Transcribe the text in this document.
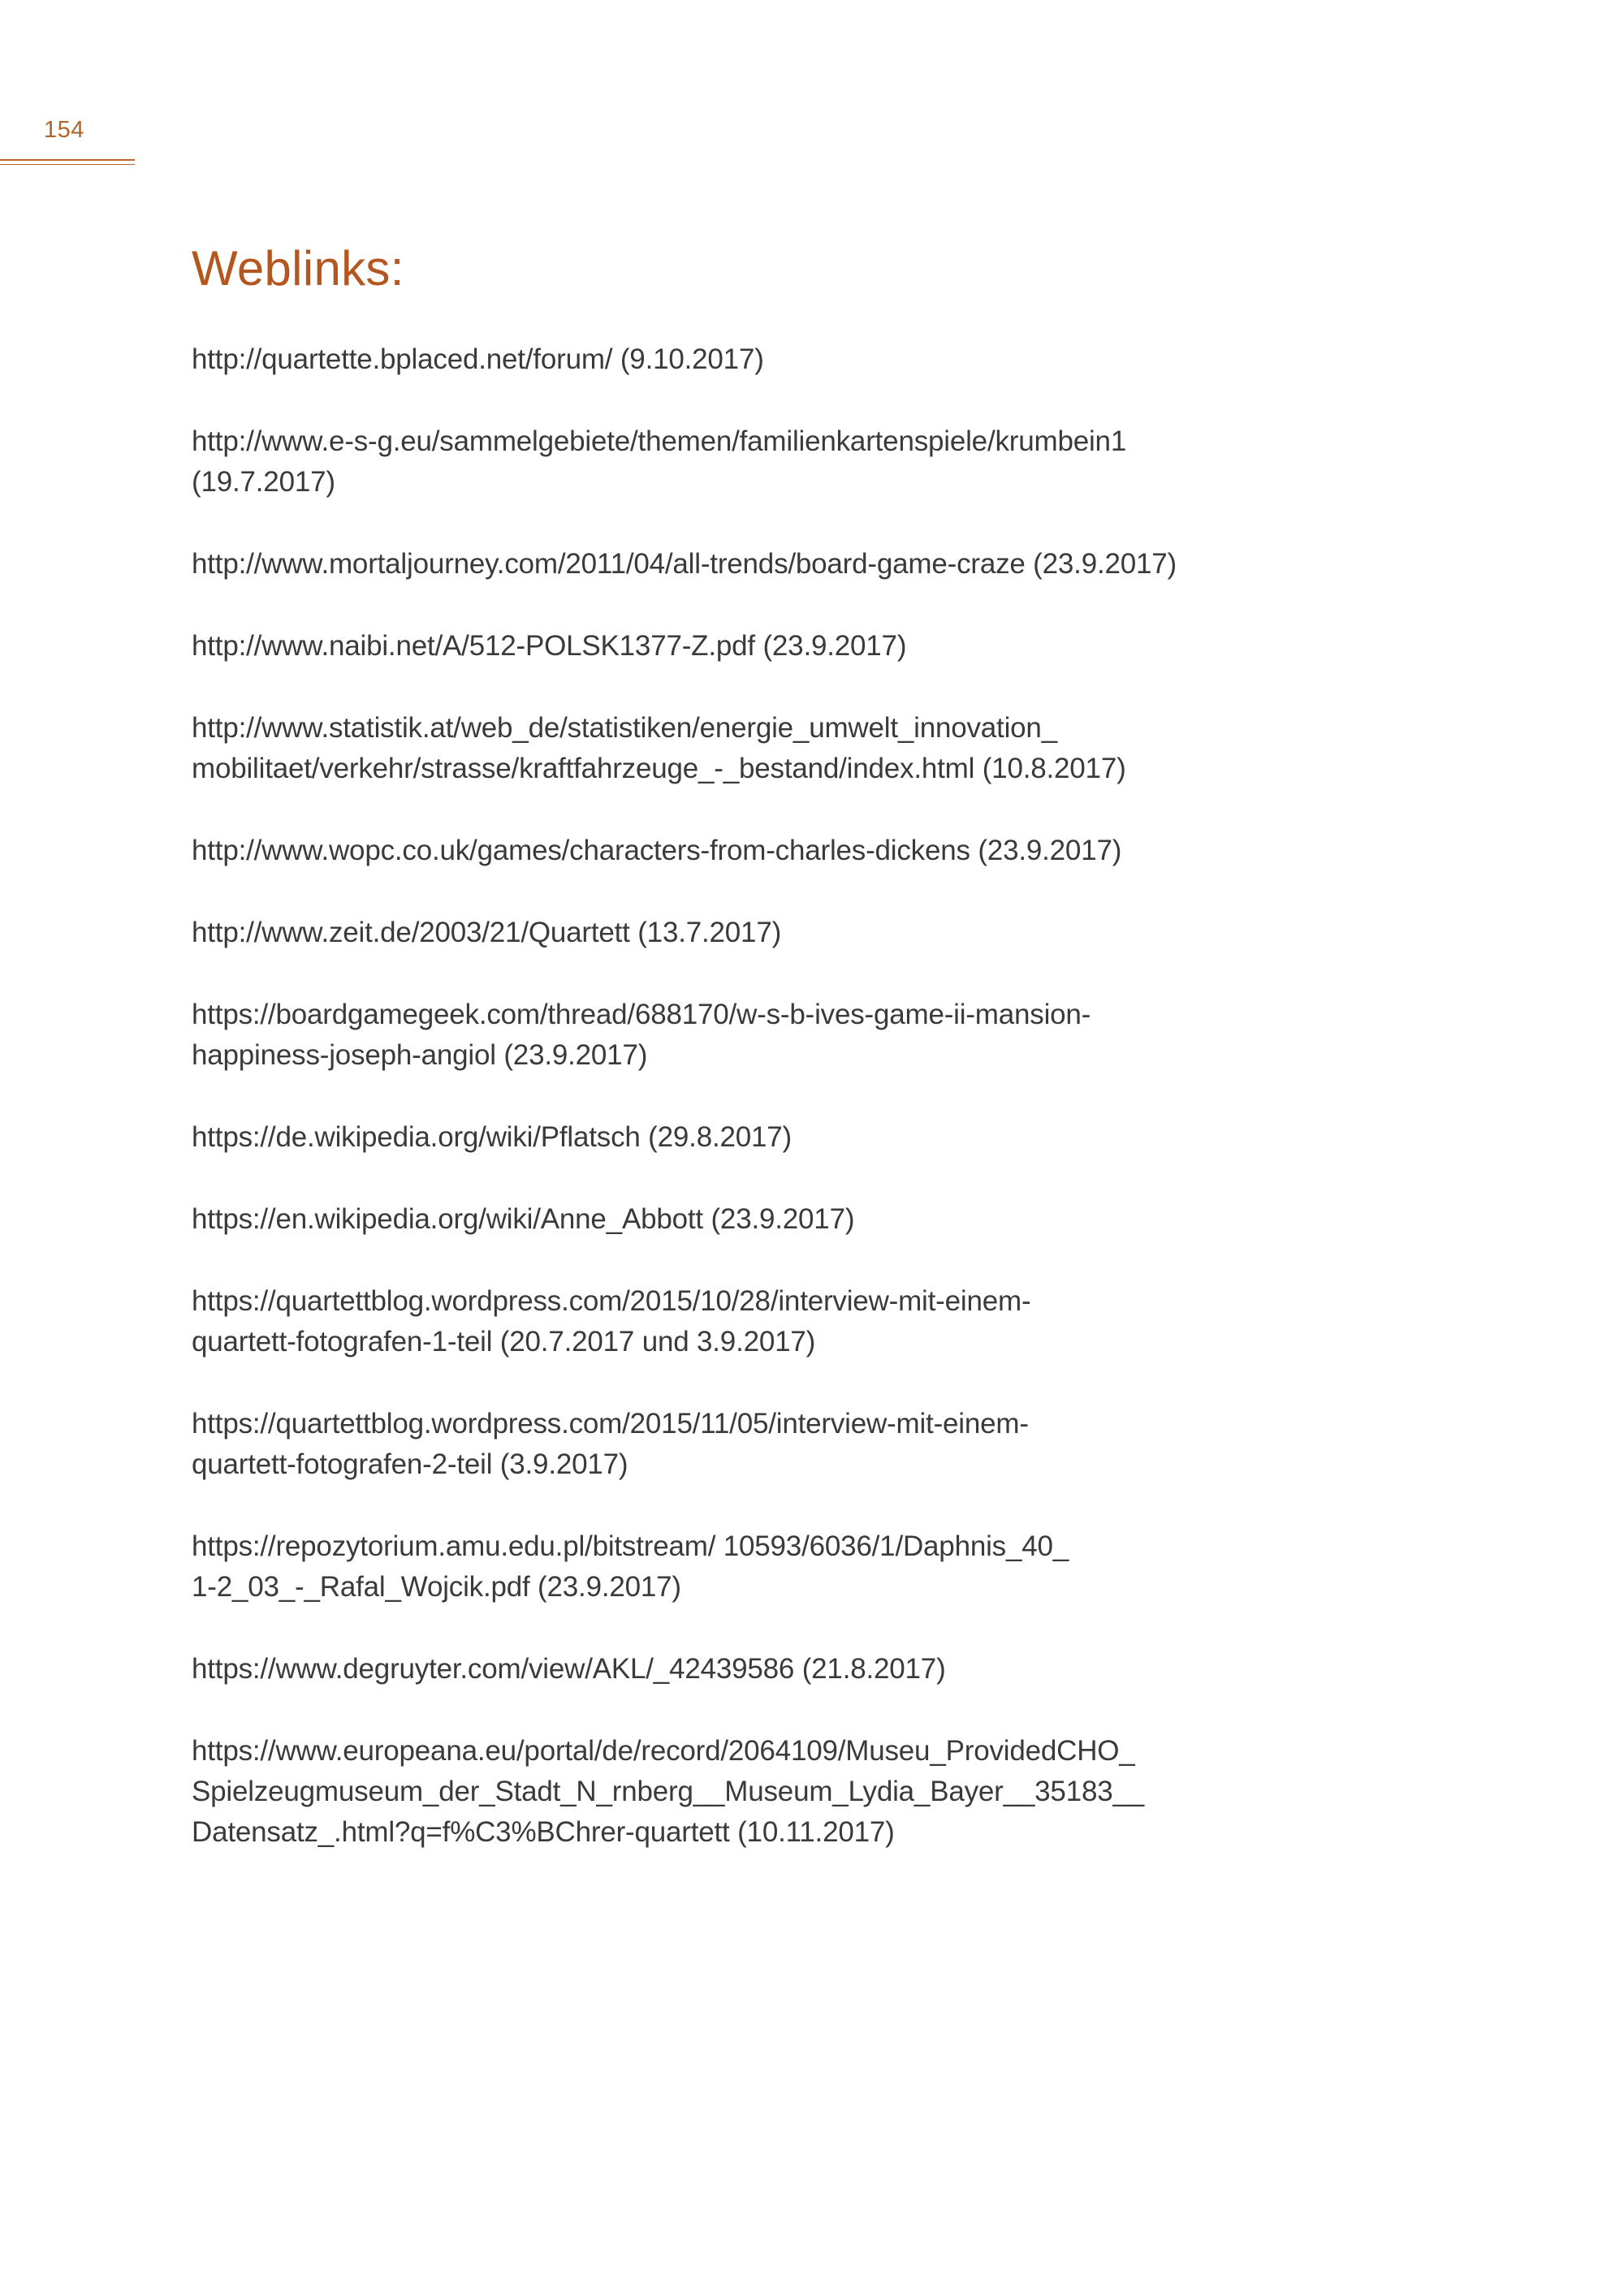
154
Weblinks:
http://quartette.bplaced.net/forum/ (9.10.2017)
http://www.e-s-g.eu/sammelgebiete/themen/familienkartenspiele/krumbein1
(19.7.2017)
http://www.mortaljourney.com/2011/04/all-trends/board-game-craze (23.9.2017)
http://www.naibi.net/A/512-POLSK1377-Z.pdf (23.9.2017)
http://www.statistik.at/web_de/statistiken/energie_umwelt_innovation_
mobilitaet/verkehr/strasse/kraftfahrzeuge_-_bestand/index.html (10.8.2017)
http://www.wopc.co.uk/games/characters-from-charles-dickens (23.9.2017)
http://www.zeit.de/2003/21/Quartett (13.7.2017)
https://boardgamegeek.com/thread/688170/w-s-b-ives-game-ii-mansion-
happiness-joseph-angiol (23.9.2017)
https://de.wikipedia.org/wiki/Pflatsch (29.8.2017)
https://en.wikipedia.org/wiki/Anne_Abbott (23.9.2017)
https://quartettblog.wordpress.com/2015/10/28/interview-mit-einem-
quartett-fotografen-1-teil (20.7.2017 und 3.9.2017)
https://quartettblog.wordpress.com/2015/11/05/interview-mit-einem-
quartett-fotografen-2-teil (3.9.2017)
https://repozytorium.amu.edu.pl/bitstream/ 10593/6036/1/Daphnis_40_
1-2_03_-_Rafal_Wojcik.pdf (23.9.2017)
https://www.degruyter.com/view/AKL/_42439586 (21.8.2017)
https://www.europeana.eu/portal/de/record/2064109/Museu_ProvidedCHO_
Spielzeugmuseum_der_Stadt_N_rnberg__Museum_Lydia_Bayer__35183__
Datensatz_.html?q=f%C3%BChrer-quartett (10.11.2017)
